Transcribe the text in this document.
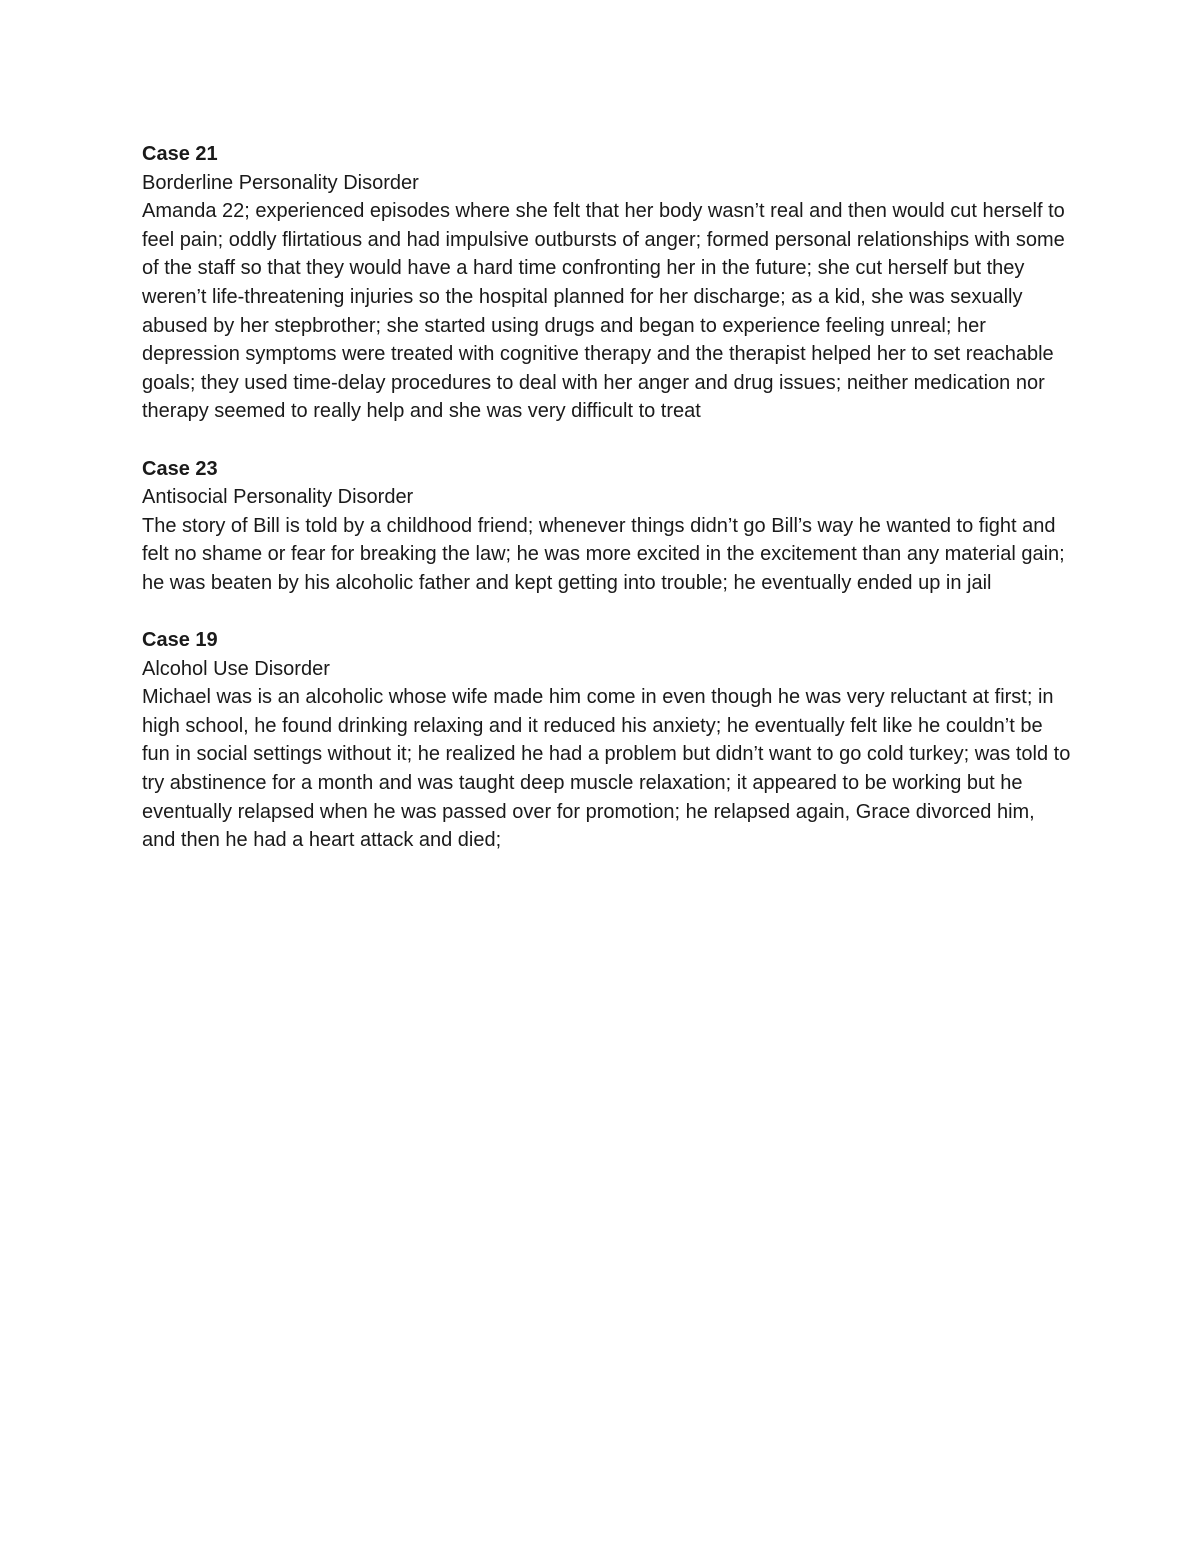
Case 21

Borderline Personality Disorder

Amanda 22; experienced episodes where she felt that her body wasn’t real and then would cut herself to feel pain; oddly flirtatious and had impulsive outbursts of anger; formed personal relationships with some of the staff so that they would have a hard time confronting her in the future; she cut herself but they weren’t life-threatening injuries so the hospital planned for her discharge; as a kid, she was sexually abused by her stepbrother; she started using drugs and began to experience feeling unreal; her depression symptoms were treated with cognitive therapy and the therapist helped her to set reachable goals; they used time-delay procedures to deal with her anger and drug issues; neither medication nor therapy seemed to really help and she was very difficult to treat

Case 23

Antisocial Personality Disorder

The story of Bill is told by a childhood friend; whenever things didn’t go Bill’s way he wanted to fight and felt no shame or fear for breaking the law; he was more excited in the excitement than any material gain; he was beaten by his alcoholic father and kept getting into trouble; he eventually ended up in jail

Case 19

Alcohol Use Disorder

Michael was is an alcoholic whose wife made him come in even though he was very reluctant at first; in high school, he found drinking relaxing and it reduced his anxiety; he eventually felt like he couldn’t be fun in social settings without it; he realized he had a problem but didn’t want to go cold turkey; was told to try abstinence for a month and was taught deep muscle relaxation; it appeared to be working but he eventually relapsed when he was passed over for promotion; he relapsed again, Grace divorced him, and then he had a heart attack and died;
